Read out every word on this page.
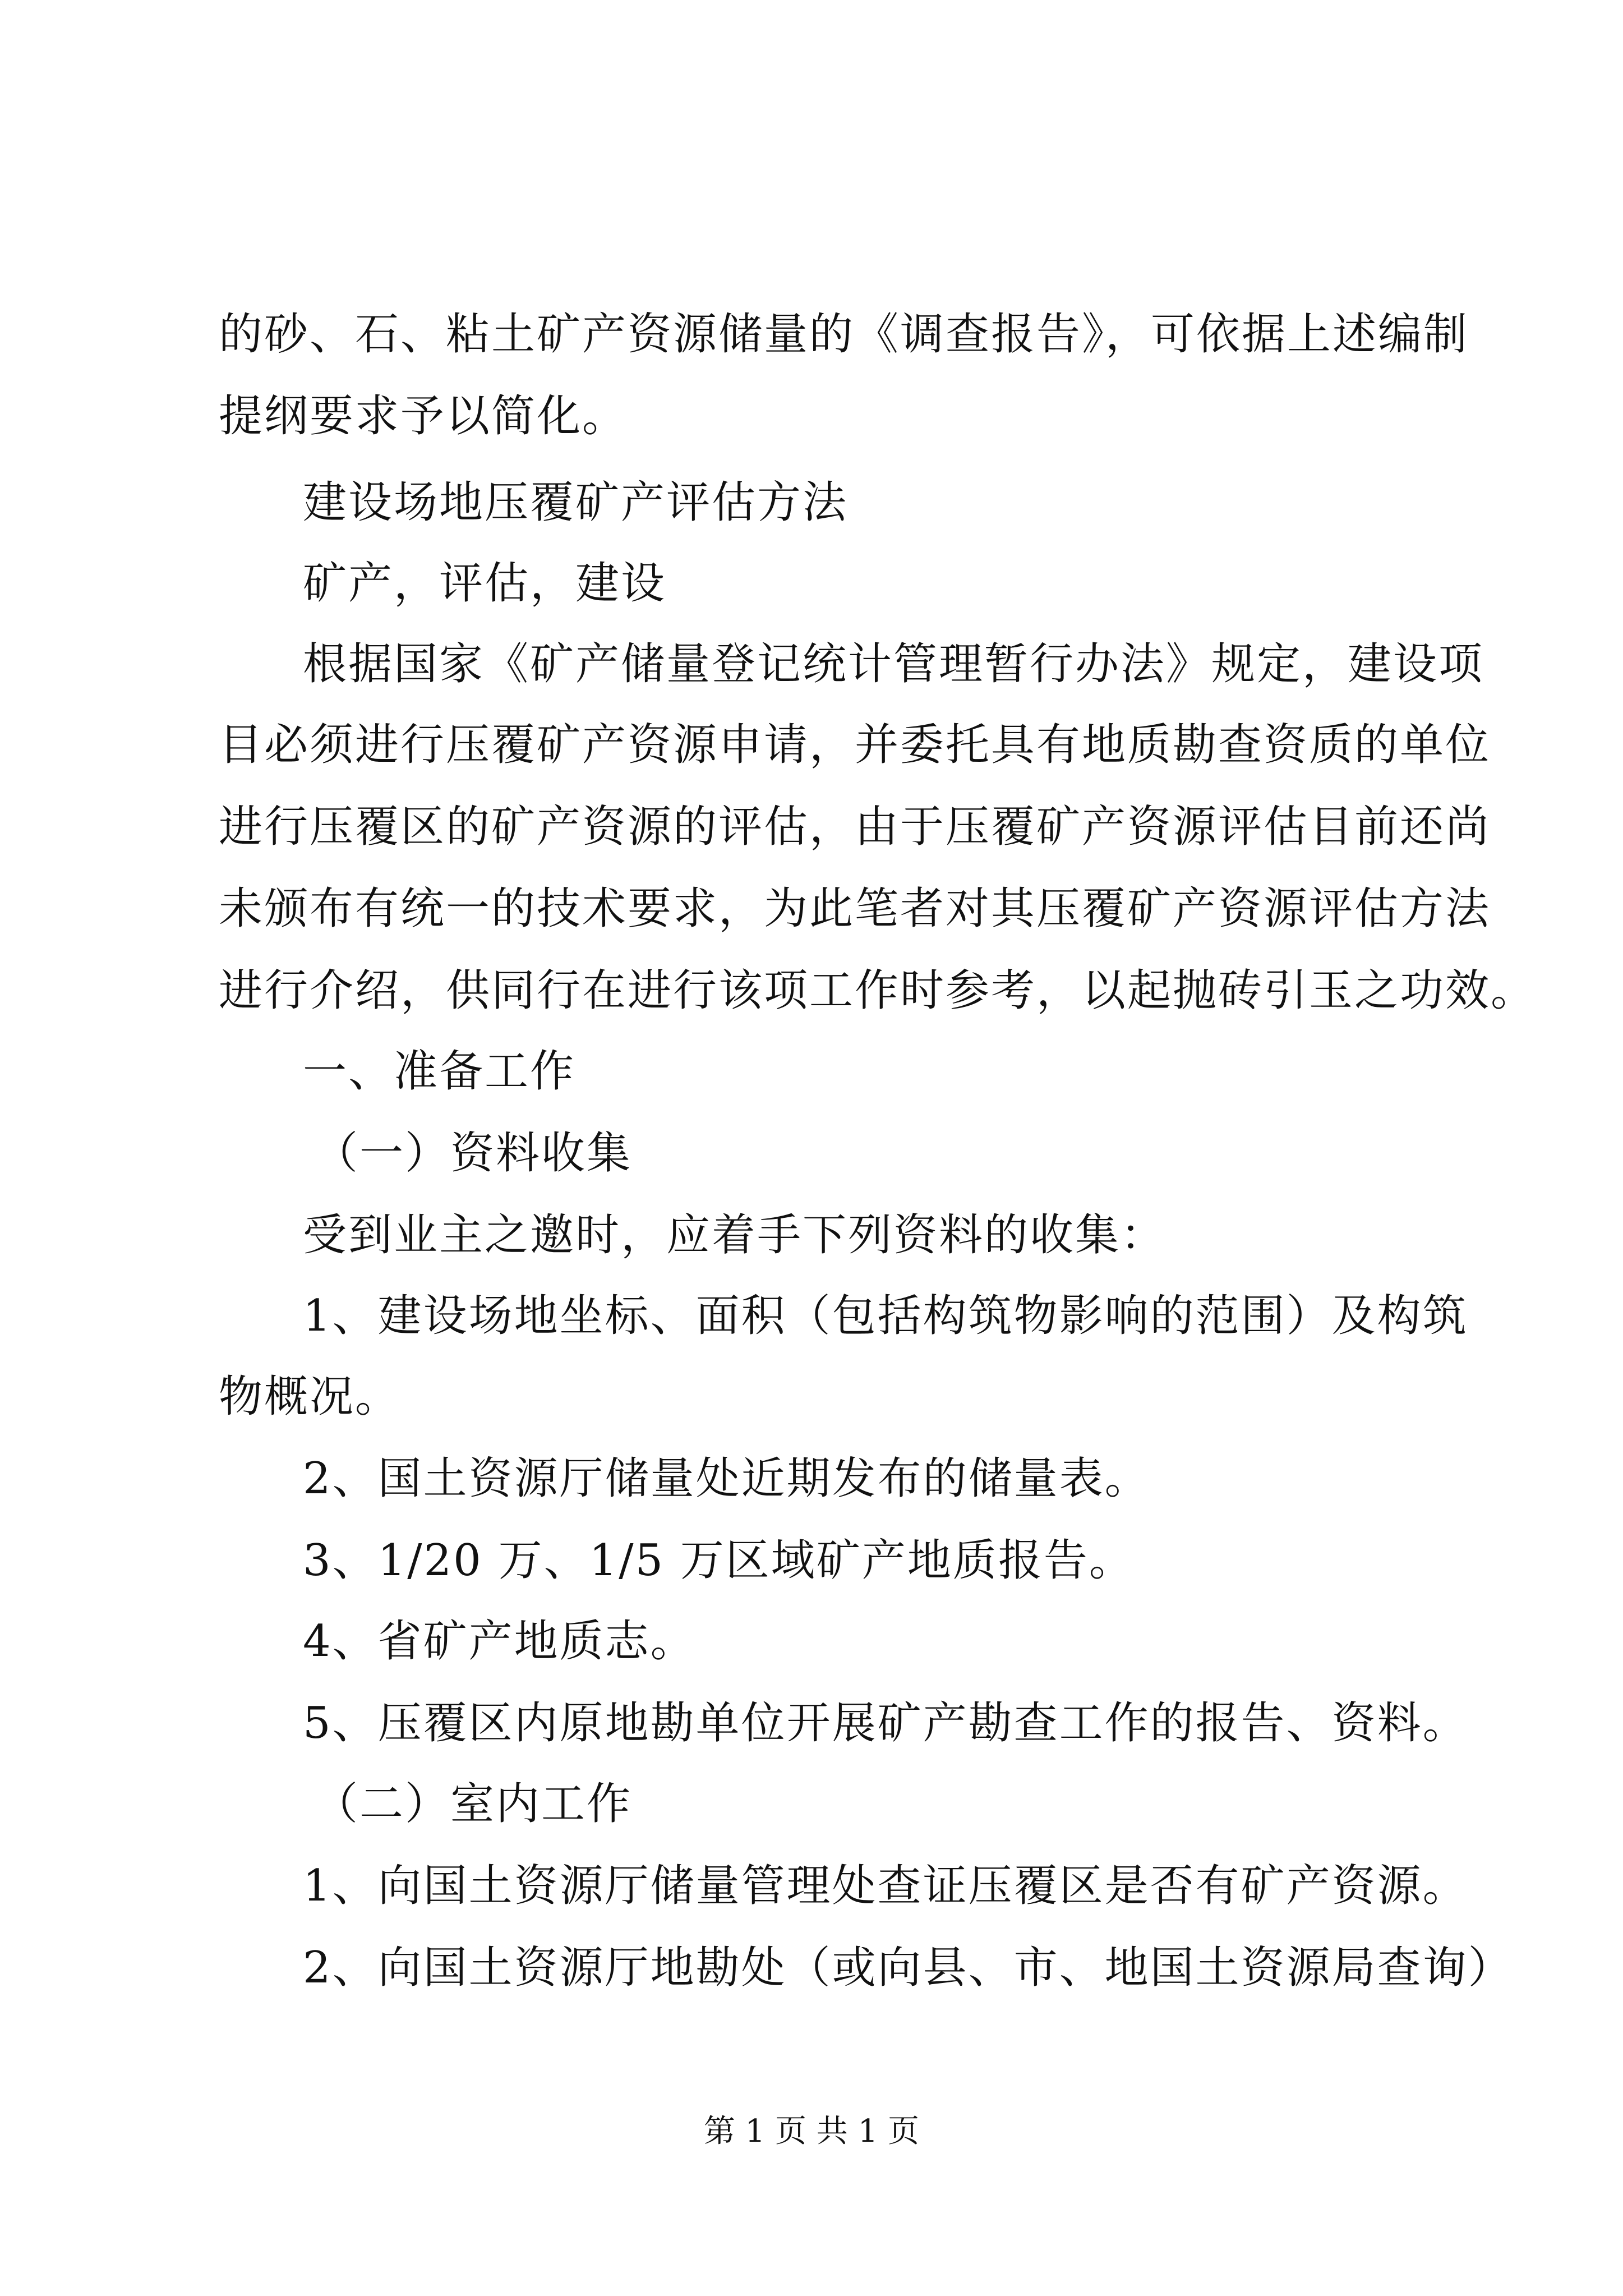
的砂、石、粘土矿产资源储量的《调查报告》，可依据上述编制
提纲要求予以简化。
建设场地压覆矿产评估方法
矿产，评估，建设
根据国家《矿产储量登记统计管理暂行办法》规定，建设项
目必须进行压覆矿产资源申请，并委托具有地质勘查资质的单位
进行压覆区的矿产资源的评估，由于压覆矿产资源评估目前还尚
未颁布有统一的技术要求，为此笔者对其压覆矿产资源评估方法
进行介绍，供同行在进行该项工作时参考，以起抛砖引玉之功效。
一、准备工作
（一）资料收集
受到业主之邀时，应着手下列资料的收集：
1、建设场地坐标、面积（包括构筑物影响的范围）及构筑
物概况。
2、国土资源厅储量处近期发布的储量表。
3、1/20 万、1/5 万区域矿产地质报告。
4、省矿产地质志。
5、压覆区内原地勘单位开展矿产勘查工作的报告、资料。
（二）室内工作
1、向国土资源厅储量管理处查证压覆区是否有矿产资源。
2、向国土资源厅地勘处（或向县、市、地国土资源局查询）
第 1 页 共 1 页
